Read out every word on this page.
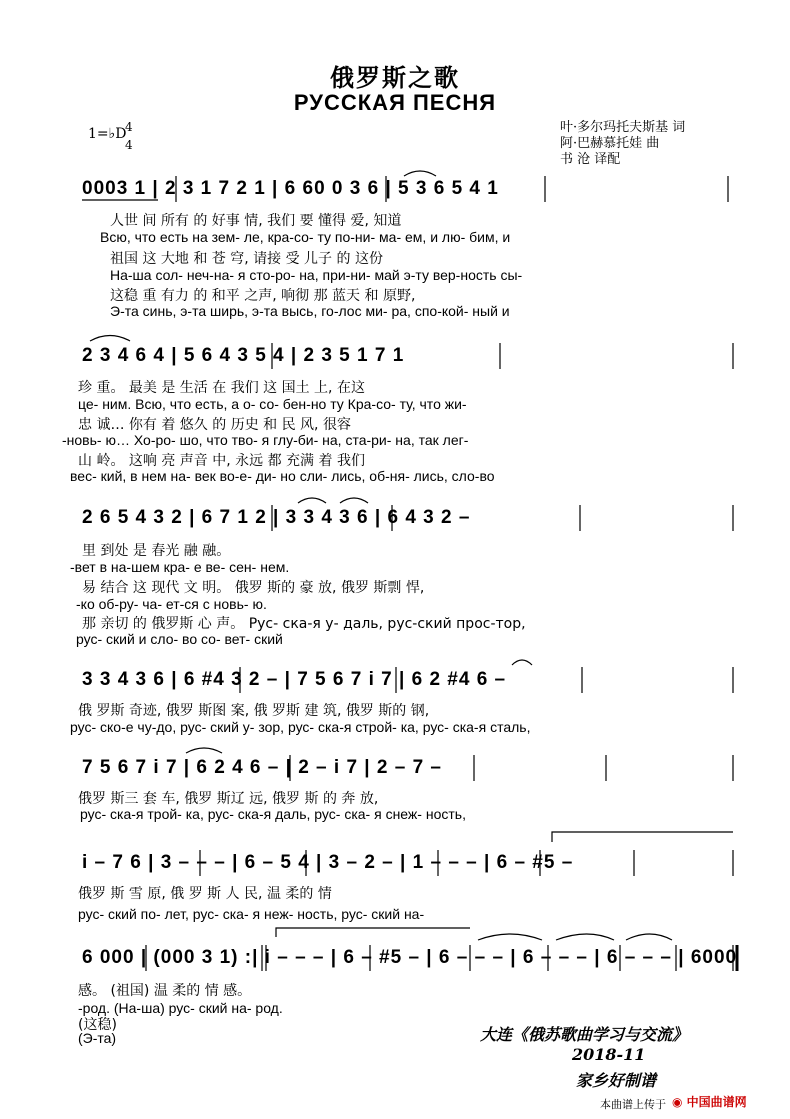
俄罗斯之歌
РУССКАЯ ПЕСНЯ
叶·多尔玛托夫斯基 词
阿·巴赫慕托娃 曲
书 沧 译配
1=♭D
4
4
0003 1 | 2 3 1 7 2 1 | 6 60 0 3 6 | 5 3 6 5 4 1
人世 间 所有 的 好事 情, 我们 要 懂得 爱, 知道
Всю, что есть на зем- ле, кра-со- ту по-ни- ма- ем, и лю- бим, и
祖国 这 大地 和 苍 穹, 请接 受 儿子 的 这份
На-ша сол- неч-на- я сто-ро- на, при-ни- май э-ту вер-ность сы-
这稳 重 有力 的 和平 之声, 响彻 那 蓝天 和 原野,
Э-та синь, э-та ширь, э-та высь, го-лос ми- ра, спо-кой- ный и
2 3 4 6 4 | 5 6 4 3 5 4 | 2 3 5 1 7 1
珍 重。 最美 是 生活 在 我们 这 国土 上, 在这
це- ним. Всю, что есть, а о- со- бен-но ту Кра-со- ту, что жи-
忠 诚… 你有 着 悠久 的 历史 和 民 风, 很容
-новь- ю… Хо-ро- шо, что тво- я глу-би- на, ста-ри- на, так лег-
山 岭。 这响 亮 声音 中, 永远 都 充满 着 我们
вес- кий, в нем на- век во-е- ди- но сли- лись, об-ня- лись, сло-во
2 6 5 4 3 2 | 6 7 1 2 | 3 3 4 3 6 | 6 4 3 2 –
里 到处 是 春光 融 融。
-вет в на-шем кра- е ве- сен- нем.
易 结合 这 现代 文 明。 俄罗 斯的 豪 放, 俄罗 斯剽 悍,
-ко об-ру- ча- ет-ся с новь- ю.
那 亲切 的 俄罗斯 心 声。 Рус- ска-я у- даль, рус-ский прос-тор,
рус- ский и сло- во со- вет- ский
3 3 4 3 6 | 6 #4 3 2 – | 7 5 6 7 i 7 | 6 2 #4 6 –
俄 罗斯 奇迹, 俄罗 斯图 案, 俄 罗斯 建 筑, 俄罗 斯的 钢,
рус- ско-е чу-до, рус- ский у- зор, рус- ска-я строй- ка, рус- ска-я сталь,
7 5 6 7 i 7 | 6 2 4 6 – | 2 – i 7 | 2 – 7 –
俄罗 斯三 套 车, 俄罗 斯辽 远, 俄罗 斯 的 奔 放,
рус- ска-я трой- ка, рус- ска-я даль, рус- ска- я снеж- ность,
i – 7 6 | 3 – – – | 6 – 5 4 | 3 – 2 – | 1 – – – | 6 – #5 –
俄罗 斯 雪 原, 俄 罗 斯 人 民, 温 柔的 情
рус- ский по- лет, рус- ска- я неж- ность, рус- ский на-
6 000 | (000 3 1) :| i – – – | 6 – #5 – | 6 – – – | 6 – – – | 6 – – – | 6000
感。 (祖国) 温 柔的 情 感。
-род. (На-ша) рус- ский на- род.
(这稳)
(Э-та)	大连《俄苏歌曲学习与交流》
2018-11
家乡好制谱
本曲谱上传于 ◉ 中国曲谱网
